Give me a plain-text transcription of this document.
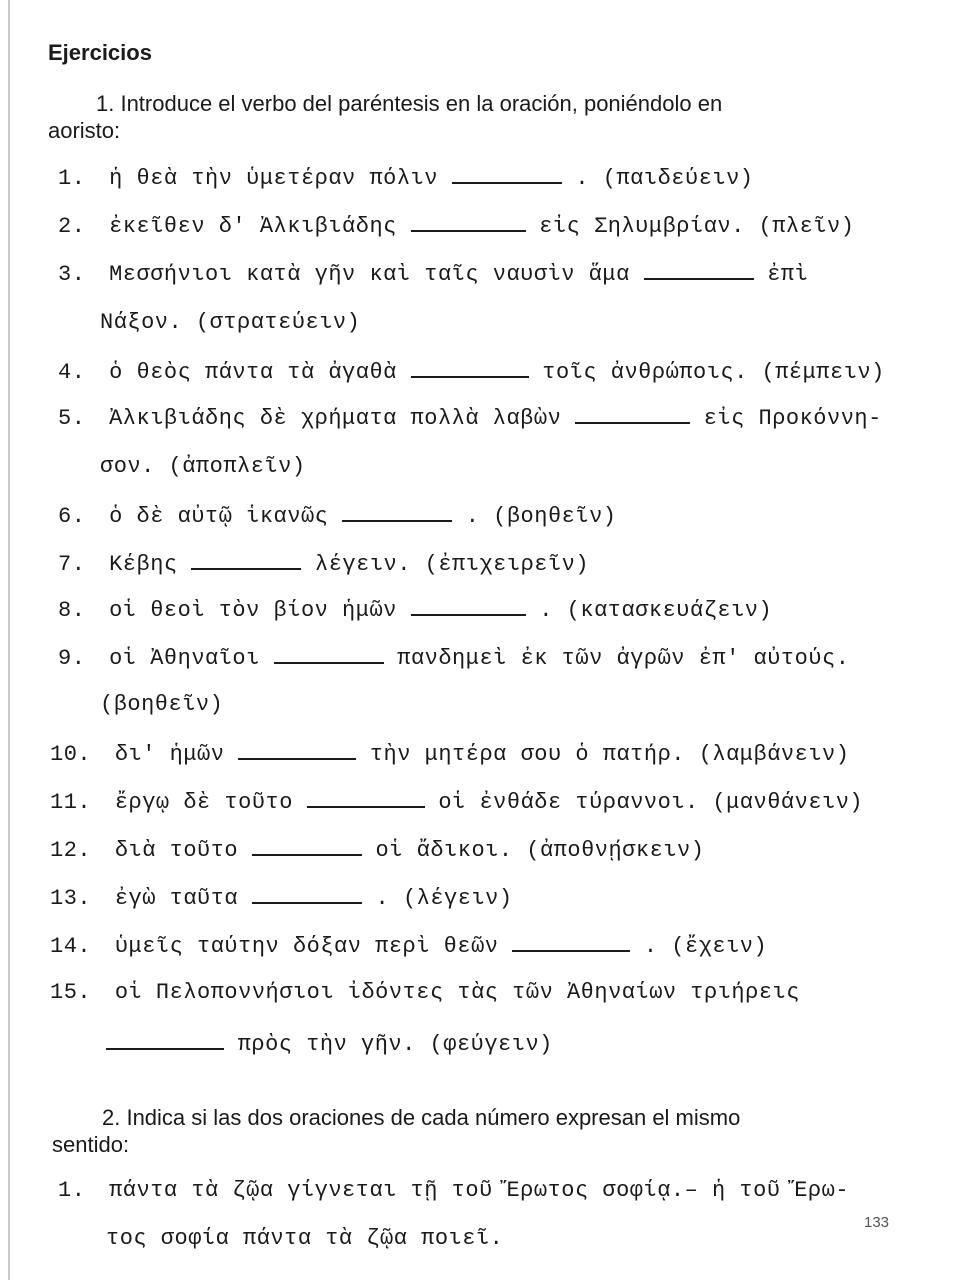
Ejercicios
1. Introduce el verbo del paréntesis en la oración, poniéndolo en
aoristo:
1. ἡ θεὰ τὴν ὑμετέραν πόλιν	. (παιδεύειν)
2. ἐκεῖθεν δ' Ἀλκιβιάδης	εἰς Σηλυμβρίαν. (πλεῖν)
3. Μεσσήνιοι κατὰ γῆν καὶ ταῖς ναυσὶν ἅμα	ἐπὶ
Νάξον. (στρατεύειν)
4. ὁ θεὸς πάντα τὰ ἀγαθὰ	τοῖς ἀνθρώποις. (πέμπειν)
5. Ἀλκιβιάδης δὲ χρήματα πολλὰ λαβὼν	εἰς Προκόννη-
σον. (ἀποπλεῖν)
6. ὁ δὲ αὐτῷ ἱκανῶς	. (βοηθεῖν)
7. Κέβης	λέγειν. (ἐπιχειρεῖν)
8. οἱ θεοὶ τὸν βίον ἡμῶν	. (κατασκευάζειν)
9. οἱ Ἀθηναῖοι	πανδημεὶ ἐκ τῶν ἀγρῶν ἐπ' αὐτούς.
(βοηθεῖν)
10. δι' ἡμῶν	τὴν μητέρα σου ὁ πατήρ. (λαμβάνειν)
11. ἔργῳ δὲ τοῦτο	οἱ ἐνθάδε τύραννοι. (μανθάνειν)
12. διὰ τοῦτο	οἱ ἄδικοι. (ἀποθνῄσκειν)
13. ἐγὼ ταῦτα	. (λέγειν)
14. ὑμεῖς ταύτην δόξαν περὶ θεῶν	. (ἔχειν)
15. οἱ Πελοποννήσιοι ἰδόντες τὰς τῶν Ἀθηναίων τριήρεις
πρὸς τὴν γῆν. (φεύγειν)
2. Indica si las dos oraciones de cada número expresan el mismo
sentido:
1. πάντα τὰ ζῷα γίγνεται τῇ τοῦ Ἔρωτος σοφίᾳ.– ἡ τοῦ Ἔρω-
τος σοφία πάντα τὰ ζῷα ποιεῖ.
133
